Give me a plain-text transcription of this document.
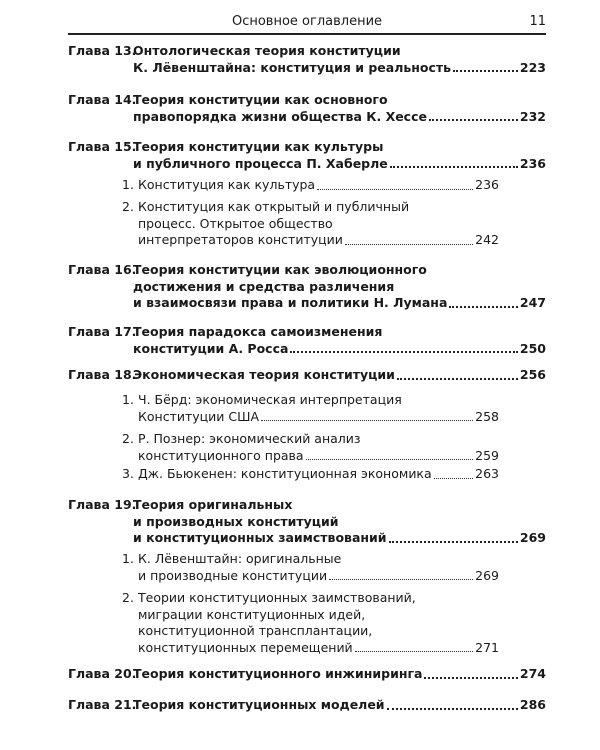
Основное оглавление	11
Глава 13.
Онтологическая теория конституции
К. Лёвенштайна: конституция и реальность	223
Глава 14.
Теория конституции как основного
правопорядка жизни общества К. Хессе	232
Глава 15.
Теория конституции как культуры
и публичного процесса П. Хаберле	236
1. Конституция как культура	236
2. Конституция как открытый и публичный
процесс. Открытое общество
интерпретаторов конституции	242
Глава 16.
Теория конституции как эволюционного
достижения и средства различения
и взаимосвязи права и политики Н. Лумана	247
Глава 17.
Теория парадокса самоизменения
конституции А. Росса	250
Глава 18.
Экономическая теория конституции	256
1. Ч. Бёрд: экономическая интерпретация
Конституции США	258
2. Р. Познер: экономический анализ
конституционного права	259
3. Дж. Бьюкенен: конституционная экономика	263
Глава 19.
Теория оригинальных
и производных конституций
и конституционных заимствований	269
1. К. Лёвенштайн: оригинальные
и производные конституции	269
2. Теории конституционных заимствований,
миграции конституционных идей,
конституционной трансплантации,
конституционных перемещений	271
Глава 20.
Теория конституционного инжиниринга	274
Глава 21.
Теория конституционных моделей	286
